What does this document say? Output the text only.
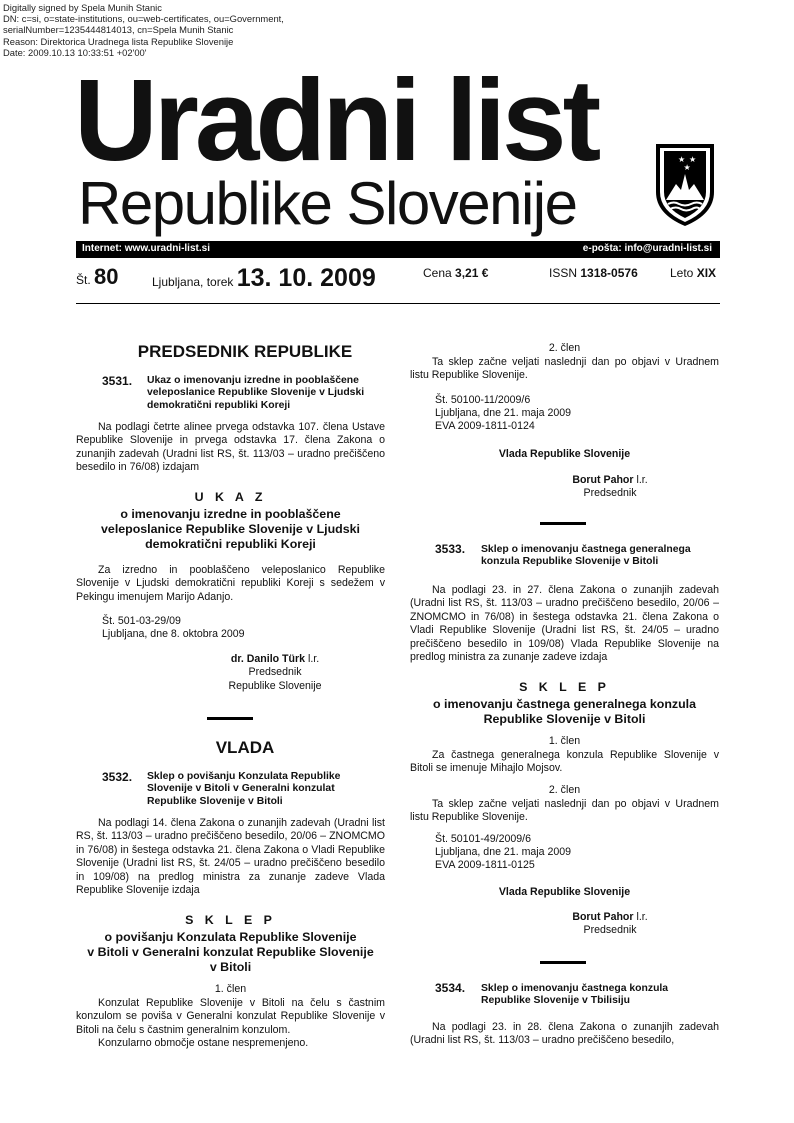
Digitally signed by Spela Munih Stanic
DN: c=si, o=state-institutions, ou=web-certificates, ou=Government,
serialNumber=1235444814013, cn=Spela Munih Stanic
Reason: Direktorica Uradnega lista Republike Slovenije
Date: 2009.10.13 10:33:51 +02'00'
Uradni list
Republike Slovenije
★ ★
★
Internet: www.uradni-list.si	e-pošta: info@uradni-list.si
Št. 80	Ljubljana, torek 13. 10. 2009	Cena 3,21 €	ISSN 1318-0576	Leto XIX
PREDSEDNIK REPUBLIKE
3531. Ukaz o imenovanju izredne in pooblaščene
veleposlanice Republike Slovenije v Ljudski
demokratični republiki Koreji
Na podlagi četrte alinee prvega odstavka 107. člena Ustave Republike Slovenije in prvega odstavka 17. člena Zakona o zunanjih zadevah (Uradni list RS, št. 113/03 – uradno prečiščeno besedilo in 76/08) izdajam
U K A Z
o imenovanju izredne in pooblaščene
veleposlanice Republike Slovenije v Ljudski
demokratični republiki Koreji
Za izredno in pooblaščeno veleposlanico Republike Slovenije v Ljudski demokratični republiki Koreji s sedežem v Pekingu imenujem Marijo Adanjo.
Št. 501-03-29/09
Ljubljana, dne 8. oktobra 2009
dr. Danilo Türk l.r.
Predsednik
Republike Slovenije
VLADA
3532. Sklep o povišanju Konzulata Republike
Slovenije v Bitoli v Generalni konzulat
Republike Slovenije v Bitoli
Na podlagi 14. člena Zakona o zunanjih zadevah (Uradni list RS, št. 113/03 – uradno prečiščeno besedilo, 20/06 – ZNOMCMO in 76/08) in šestega odstavka 21. člena Zakona o Vladi Republike Slovenije (Uradni list RS, št. 24/05 – uradno prečiščeno besedilo in 109/08) na predlog ministra za zunanje zadeve Vlada Republike Slovenije izdaja
S K L E P
o povišanju Konzulata Republike Slovenije
v Bitoli v Generalni konzulat Republike Slovenije
v Bitoli
1. člen
Konzulat Republike Slovenije v Bitoli na čelu s častnim konzulom se poviša v Generalni konzulat Republike Slovenije v Bitoli na čelu s častnim generalnim konzulom.
Konzularno območje ostane nespremenjeno.
2. člen
Ta sklep začne veljati naslednji dan po objavi v Uradnem listu Republike Slovenije.
Št. 50100-11/2009/6
Ljubljana, dne 21. maja 2009
EVA 2009-1811-0124
Vlada Republike Slovenije
Borut Pahor l.r.
Predsednik
3533. Sklep o imenovanju častnega generalnega
konzula Republike Slovenije v Bitoli
Na podlagi 23. in 27. člena Zakona o zunanjih zadevah (Uradni list RS, št. 113/03 – uradno prečiščeno besedilo, 20/06 – ZNOMCMO in 76/08) in šestega odstavka 21. člena Zakona o Vladi Republike Slovenije (Uradni list RS, št. 24/05 – uradno prečiščeno besedilo in 109/08) Vlada Republike Slovenije na predlog ministra za zunanje zadeve izdaja
S K L E P
o imenovanju častnega generalnega konzula
Republike Slovenije v Bitoli
1. člen
Za častnega generalnega konzula Republike Slovenije v Bitoli se imenuje Mihajlo Mojsov.
2. člen
Ta sklep začne veljati naslednji dan po objavi v Uradnem listu Republike Slovenije.
Št. 50101-49/2009/6
Ljubljana, dne 21. maja 2009
EVA 2009-1811-0125
Vlada Republike Slovenije
Borut Pahor l.r.
Predsednik
3534. Sklep o imenovanju častnega konzula
Republike Slovenije v Tbilisiju
Na podlagi 23. in 28. člena Zakona o zunanjih zadevah (Uradni list RS, št. 113/03 – uradno prečiščeno besedilo,
